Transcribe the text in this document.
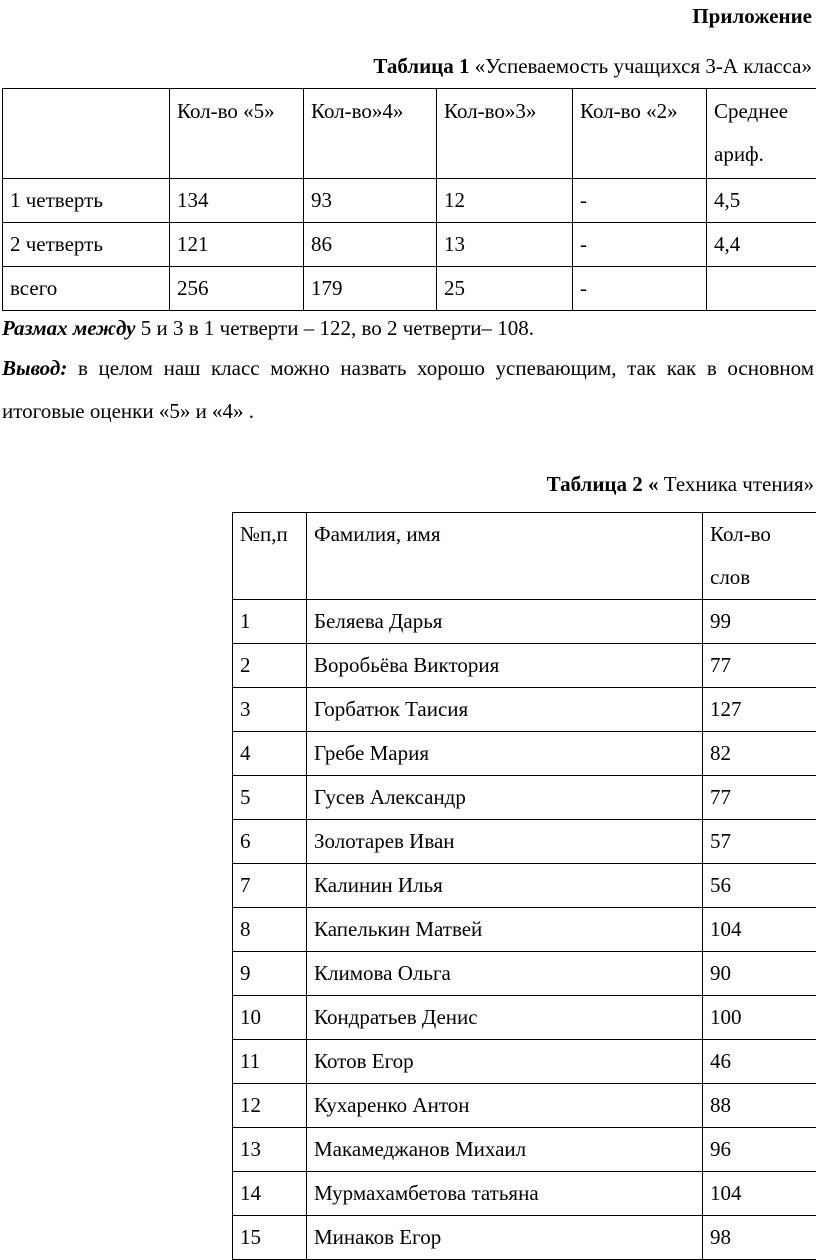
Приложение
Таблица 1 «Успеваемость учащихся 3-А класса»
	Кол-во «5»	Кол-во»4»	Кол-во»3»	Кол-во «2»	Среднее ариф.
1 четверть	134	93	12	-	4,5
2 четверть	121	86	13	-	4,4
всего	256	179	25	-	
Размах между 5 и 3 в 1 четверти – 122, во 2 четверти– 108.
Вывод: в целом наш класс можно назвать хорошо успевающим, так как в основном итоговые оценки «5» и «4» .
Таблица 2 « Техника чтения»
№п,п	Фамилия, имя	Кол-во слов
1	Беляева Дарья	99
2	Воробьёва Виктория	77
3	Горбатюк Таисия	127
4	Гребе Мария	82
5	Гусев Александр	77
6	Золотарев Иван	57
7	Калинин Илья	56
8	Капелькин Матвей	104
9	Климова Ольга	90
10	Кондратьев Денис	100
11	Котов Егор	46
12	Кухаренко Антон	88
13	Макамеджанов Михаил	96
14	Мурмахамбетова татьяна	104
15	Минаков Егор	98
